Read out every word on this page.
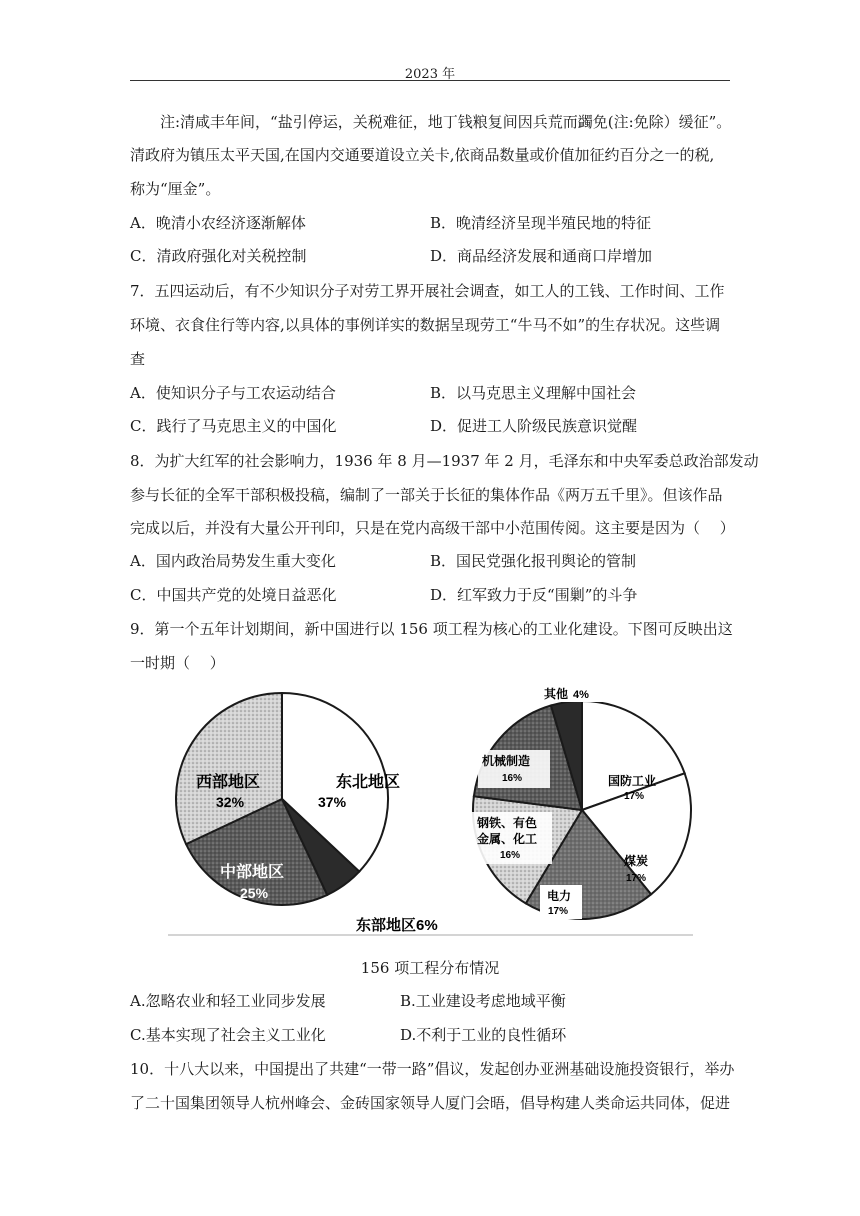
2023 年
注:清咸丰年间，“盐引停运，关税难征，地丁钱粮复间因兵荒而蠲免(注:免除）缓征”。
清政府为镇压太平天国,在国内交通要道设立关卡,依商品数量或价值加征约百分之一的税,
称为“厘金”。
A．晚清小农经济逐渐解体	B．晚清经济呈现半殖民地的特征
C．清政府强化对关税控制	D．商品经济发展和通商口岸增加
7．五四运动后，有不少知识分子对劳工界开展社会调查，如工人的工钱、工作时间、工作
环境、衣食住行等内容,以具体的事例详实的数据呈现劳工“牛马不如”的生存状况。这些调
查
A．使知识分子与工农运动结合	B．以马克思主义理解中国社会
C．践行了马克思主义的中国化	D．促进工人阶级民族意识觉醒
8．为扩大红军的社会影响力，1936 年 8 月—1937 年 2 月，毛泽东和中央军委总政治部发动
参与长征的全军干部积极投稿，编制了一部关于长征的集体作品《两万五千里》。但该作品
完成以后，并没有大量公开刊印，只是在党内高级干部中小范围传阅。这主要是因为（　 ）
A．国内政治局势发生重大变化	B．国民党强化报刊舆论的管制
C．中国共产党的处境日益恶化	D．红军致力于反“围剿”的斗争
9．第一个五年计划期间，新中国进行以 156 项工程为核心的工业化建设。下图可反映出这
一时期（　 ）
东北地区
37%
西部地区
32%
中部地区
25%
东部地区6%
其他 4%
机械制造
16%	国防工业
17%
钢铁、有色
金属、化工
16%	煤炭
17%
电力
17%
156 项工程分布情况
A.忽略农业和轻工业同步发展	B.工业建设考虑地域平衡
C.基本实现了社会主义工业化	D.不利于工业的良性循环
10．十八大以来，中国提出了共建“一带一路”倡议，发起创办亚洲基础设施投资银行，举办
了二十国集团领导人杭州峰会、金砖国家领导人厦门会晤，倡导构建人类命运共同体，促进
